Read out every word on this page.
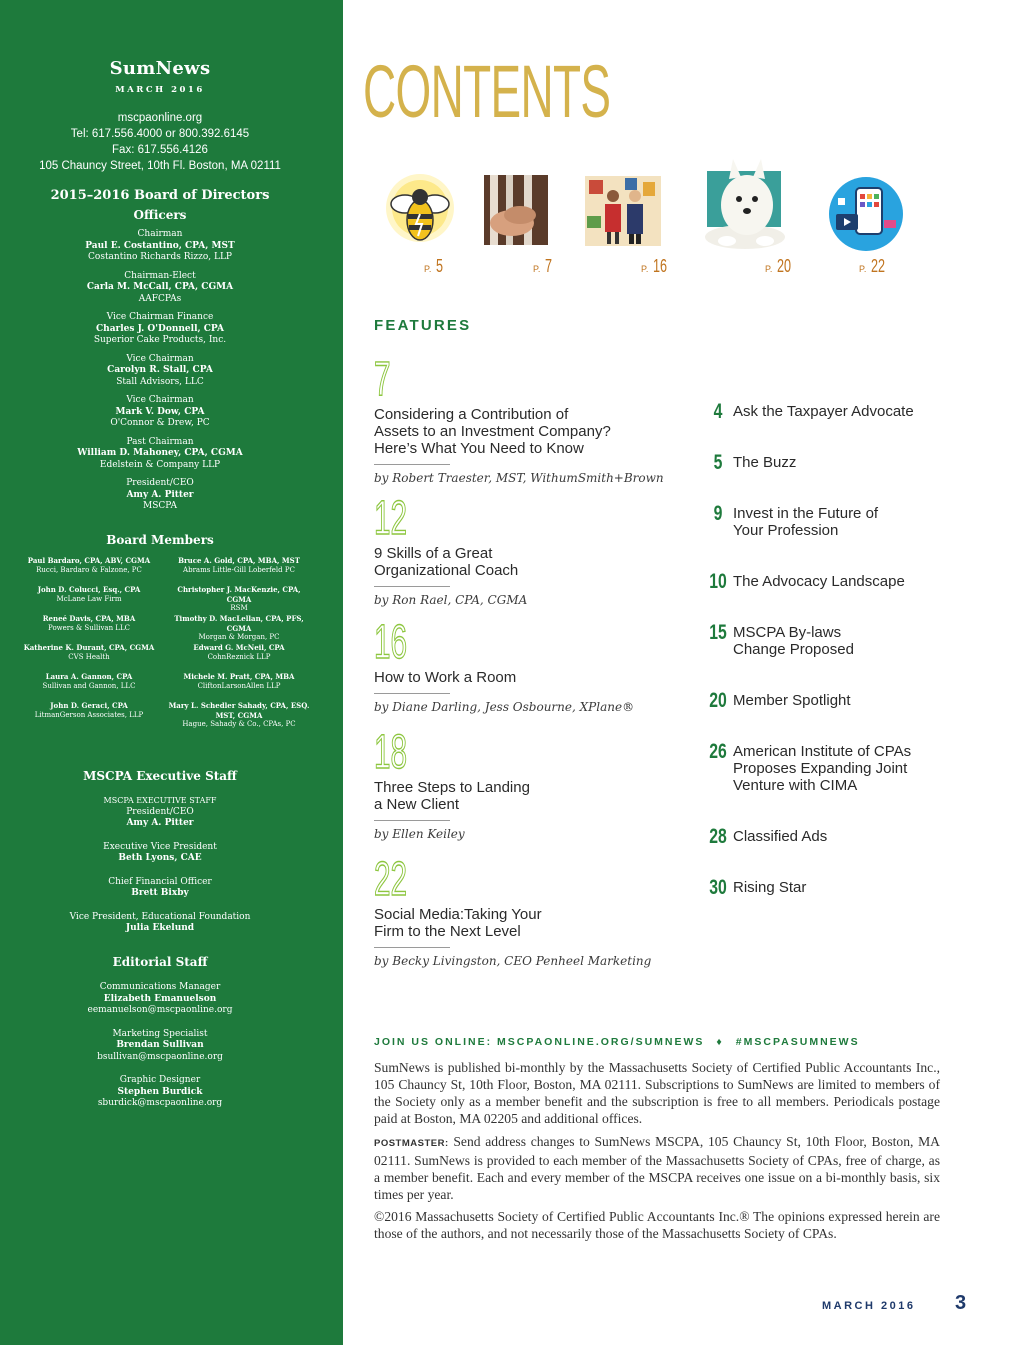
SumNews
MARCH 2016
mscpaonline.org
Tel: 617.556.4000 or 800.392.6145
Fax: 617.556.4126
105 Chauncy Street, 10th Fl. Boston, MA 02111
2015–2016 Board of Directors
Officers
Chairman
Paul E. Costantino, CPA, MST
Costantino Richards Rizzo, LLP
Chairman-Elect
Carla M. McCall, CPA, CGMA
AAFCPAs
Vice Chairman Finance
Charles J. O'Donnell, CPA
Superior Cake Products, Inc.
Vice Chairman
Carolyn R. Stall, CPA
Stall Advisors, LLC
Vice Chairman
Mark V. Dow, CPA
O'Connor & Drew, PC
Past Chairman
William D. Mahoney, CPA, CGMA
Edelstein & Company LLP
President/CEO
Amy A. Pitter
MSCPA
Board Members
Paul Bardaro, CPA, ABV, CGMA
Rucci, Bardaro & Falzone, PC
Bruce A. Gold, CPA, MBA, MST
Abrams Little-Gill Loberfeld PC
John D. Colucci, Esq., CPA
McLane Law Firm
Christopher J. MacKenzie, CPA, CGMA
RSM
Reneé Davis, CPA, MBA
Powers & Sullivan LLC
Timothy D. MacLellan, CPA, PFS, CGMA
Morgan & Morgan, PC
Katherine K. Durant, CPA, CGMA
CVS Health
Edward G. McNeil, CPA
CohnReznick LLP
Laura A. Gannon, CPA
Sullivan and Gannon, LLC
Michele M. Pratt, CPA, MBA
CliftonLarsonAllen LLP
John D. Geraci, CPA
LitmanGerson Associates, LLP
Mary L. Schedler Sahady, CPA, ESQ.
MST, CGMA
Hague, Sahady & Co., CPAs, PC
MSCPA Executive Staff
MSCPA EXECUTIVE STAFF
President/CEO
Amy A. Pitter
Executive Vice President
Beth Lyons, CAE
Chief Financial Officer
Brett Bixby
Vice President, Educational Foundation
Julia Ekelund
Editorial Staff
Communications Manager
Elizabeth Emanuelson
eemanuelson@mscpaonline.org
Marketing Specialist
Brendan Sullivan
bsullivan@mscpaonline.org
Graphic Designer
Stephen Burdick
sburdick@mscpaonline.org
CONTENTS
P. 5	P. 7	P. 16	P. 20	P. 22
FEATURES
7
Considering a Contribution of
Assets to an Investment Company?
Here’s What You Need to Know
by Robert Traester, MST, WithumSmith+Brown
12
9 Skills of a Great
Organizational Coach
by Ron Rael, CPA, CGMA
16
How to Work a Room
by Diane Darling, Jess Osbourne, XPlane®
18
Three Steps to Landing
a New Client
by Ellen Keiley
22
Social Media:Taking Your
Firm to the Next Level
by Becky Livingston, CEO Penheel Marketing
4 Ask the Taxpayer Advocate
5 The Buzz
9 Invest in the Future of
Your Profession
10 The Advocacy Landscape
15 MSCPA By-laws
Change Proposed
20 Member Spotlight
26 American Institute of CPAs
Proposes Expanding Joint
Venture with CIMA
28 Classified Ads
30 Rising Star
JOIN US ONLINE: MSCPAONLINE.ORG/SUMNEWS ♦ #MSCPASUMNEWS
SumNews is published bi-monthly by the Massachusetts Society of Certified Public Accountants Inc., 105 Chauncy St, 10th Floor, Boston, MA 02111. Subscriptions to SumNews are limited to members of the Society only as a member benefit and the subscription is free to all members. Periodicals postage paid at Boston, MA 02205 and additional offices.
POSTMASTER: Send address changes to SumNews MSCPA, 105 Chauncy St, 10th Floor, Boston, MA 02111. SumNews is provided to each member of the Massachusetts Society of CPAs, free of charge, as a member benefit. Each and every member of the MSCPA receives one issue on a bi-monthly basis, six times per year.
©2016 Massachusetts Society of Certified Public Accountants Inc.® The opinions expressed herein are those of the authors, and not necessarily those of the Massachusetts Society of CPAs.
MARCH 2016 3
